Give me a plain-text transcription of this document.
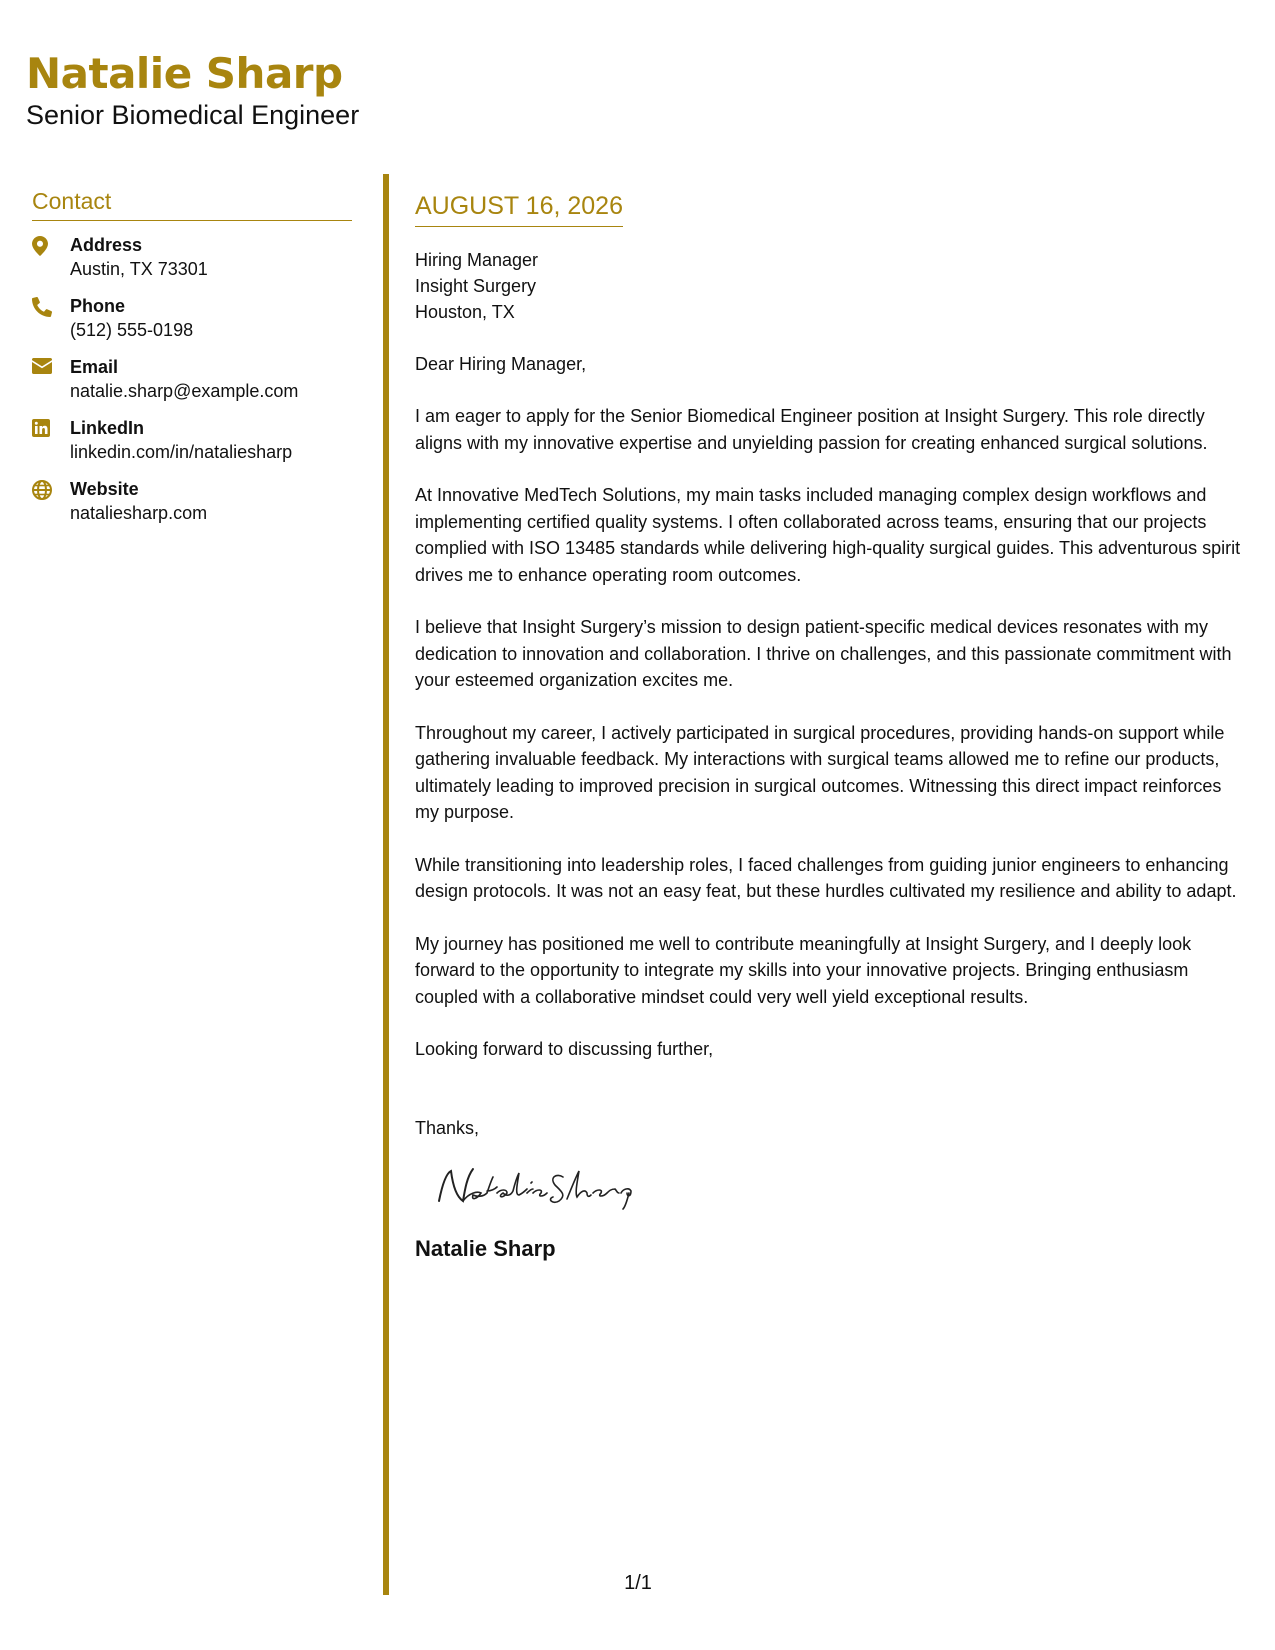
Natalie Sharp
Senior Biomedical Engineer
Contact
Address
Austin, TX 73301
Phone
(512) 555-0198
Email
natalie.sharp@example.com
LinkedIn
linkedin.com/in/nataliesharp
Website
nataliesharp.com
AUGUST 16, 2026
Hiring Manager
Insight Surgery
Houston, TX
Dear Hiring Manager,

I am eager to apply for the Senior Biomedical Engineer position at Insight Surgery. This role directly aligns with my innovative expertise and unyielding passion for creating enhanced surgical solutions.

At Innovative MedTech Solutions, my main tasks included managing complex design workflows and implementing certified quality systems. I often collaborated across teams, ensuring that our projects complied with ISO 13485 standards while delivering high-quality surgical guides. This adventurous spirit drives me to enhance operating room outcomes.

I believe that Insight Surgery’s mission to design patient-specific medical devices resonates with my dedication to innovation and collaboration. I thrive on challenges, and this passionate commitment with your esteemed organization excites me.

Throughout my career, I actively participated in surgical procedures, providing hands-on support while gathering invaluable feedback. My interactions with surgical teams allowed me to refine our products, ultimately leading to improved precision in surgical outcomes. Witnessing this direct impact reinforces my purpose.

While transitioning into leadership roles, I faced challenges from guiding junior engineers to enhancing design protocols. It was not an easy feat, but these hurdles cultivated my resilience and ability to adapt.

My journey has positioned me well to contribute meaningfully at Insight Surgery, and I deeply look forward to the opportunity to integrate my skills into your innovative projects. Bringing enthusiasm coupled with a collaborative mindset could very well yield exceptional results.

Looking forward to discussing further,
Thanks,
Natalie Sharp
1/1
